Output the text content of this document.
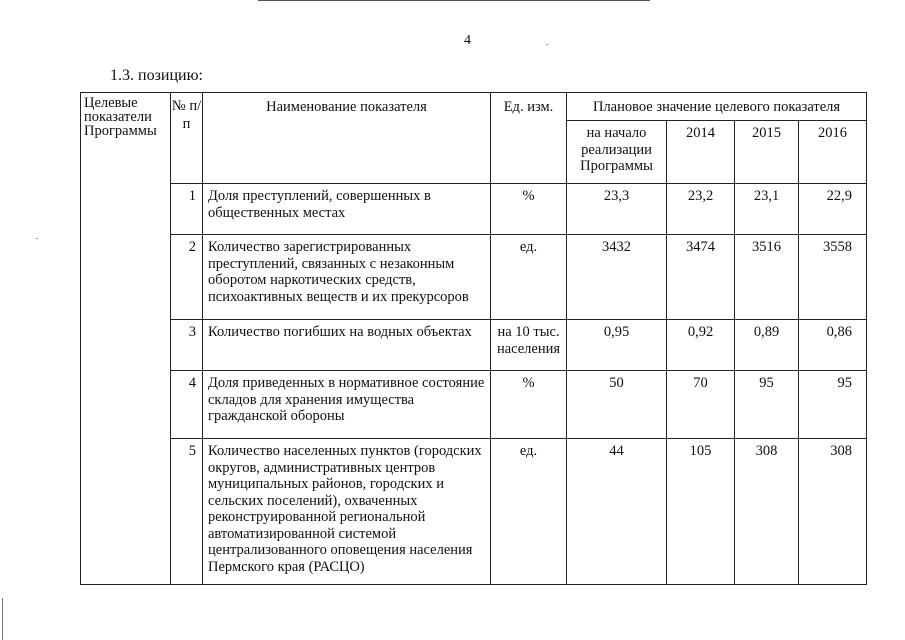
4
1.3. позицию:
Целевые показатели Программы	№ п/п	Наименование показателя	Ед. изм.	Плановое значение целевого показателя			
				на начало реализации Программы	2014	2015	2016
	1	Доля преступлений, совершенных в общественных местах	%	23,3	23,2	23,1	22,9
	2	Количество зарегистрированных преступлений, связанных с незаконным оборотом наркотических средств, психоактивных веществ и их прекурсоров	ед.	3432	3474	3516	3558
	3	Количество погибших на водных объектах	на 10 тыс. населения	0,95	0,92	0,89	0,86
	4	Доля приведенных в нормативное состояние складов для хранения имущества гражданской обороны	%	50	70	95	95
	5	Количество населенных пунктов (городских округов, административных центров муниципальных районов, городских и сельских поселений), охваченных реконструированной региональной автоматизированной системой централизованного оповещения населения Пермского края (РАСЦО)	ед.	44	105	308	308
